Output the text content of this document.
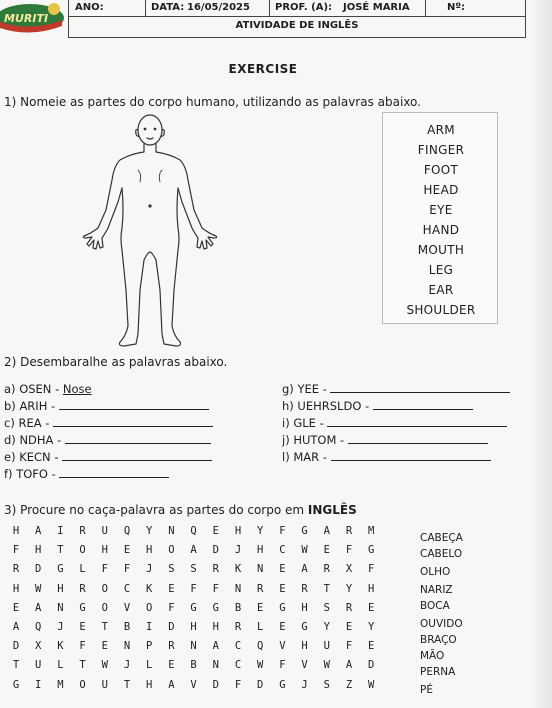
MURITI
ANO:	DATA: 16/05/2025	PROF. (A): JOSÉ MARIA	Nº:
ATIVIDADE DE INGLÊS
EXERCISE
1) Nomeie as partes do corpo humano, utilizando as palavras abaixo.
ARM
FINGER
FOOT
HEAD
EYE
HAND
MOUTH
LEG
EAR
SHOULDER
2) Desembaralhe as palavras abaixo.
a) OSEN - Nose
b) ARIH -
c) REA -
d) NDHA -
e) KECN -
f) TOFO -
g) YEE -
h) UEHRSLDO -
i) GLE -
j) HUTOM -
l) MAR -
3) Procure no caça-palavra as partes do corpo em INGLÊS
H	A	I	R	U	Q	Y	N	Q	E	H	Y	F	G	A	R	M
F	H	T	O	H	E	H	O	A	D	J	H	C	W	E	F	G
R	D	G	L	F	F	J	S	S	R	K	N	E	A	R	X	F
H	W	H	R	O	C	K	E	F	F	N	R	E	R	T	Y	H
E	A	N	G	O	V	O	F	G	G	B	E	G	H	S	R	E
A	Q	J	E	T	B	I	D	H	H	R	L	E	G	Y	E	Y
D	X	K	F	E	N	P	R	N	A	C	Q	V	H	U	F	E
T	U	L	T	W	J	L	E	B	N	C	W	F	V	W	A	D
G	I	M	O	U	T	H	A	V	D	F	D	G	J	S	Z	W
CABEÇA
CABELO
OLHO
NARIZ
BOCA
OUVIDO
BRAÇO
MÃO
PERNA
PÉ
